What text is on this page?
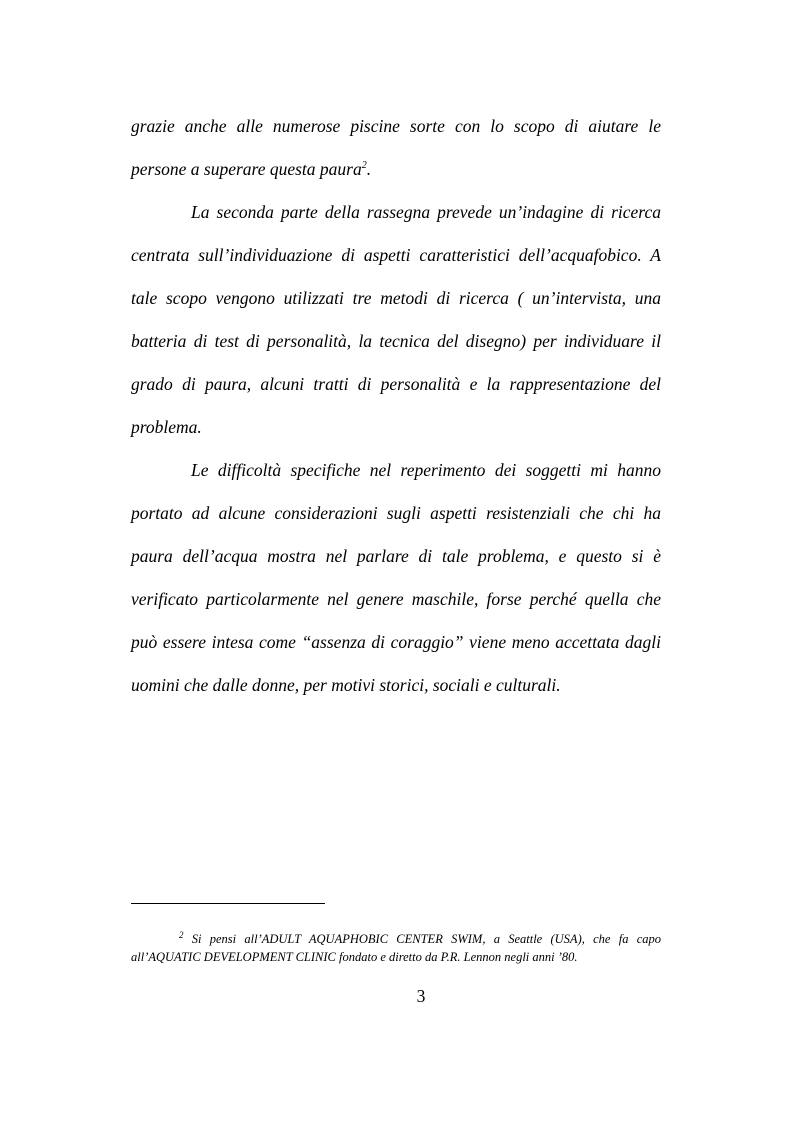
grazie anche alle numerose piscine sorte con lo scopo di aiutare le

persone a superare questa paura$^2$.

La seconda parte della rassegna prevede un’indagine di ricerca centrata sull’individuazione di aspetti caratteristici dell’acquafobico. A tale scopo vengono utilizzati tre metodi di ricerca ( un’intervista, una batteria di test di personalità, la tecnica del disegno) per individuare il grado di paura, alcuni tratti di personalità e la rappresentazione del problema.

Le difficoltà specifiche nel reperimento dei soggetti mi hanno portato ad alcune considerazioni sugli aspetti resistenziali che chi ha paura dell’acqua mostra nel parlare di tale problema, e questo si è verificato particolarmente nel genere maschile, forse perché quella che può essere intesa come “assenza di coraggio” viene meno accettata dagli uomini che dalle donne, per motivi storici, sociali e culturali.

$^2$ Si pensi all’ADULT AQUAPHOBIC CENTER SWIM, a Seattle (USA), che fa capo all’AQUATIC DEVELOPMENT CLINIC fondato e diretto da P.R. Lennon negli anni ’80.
3
